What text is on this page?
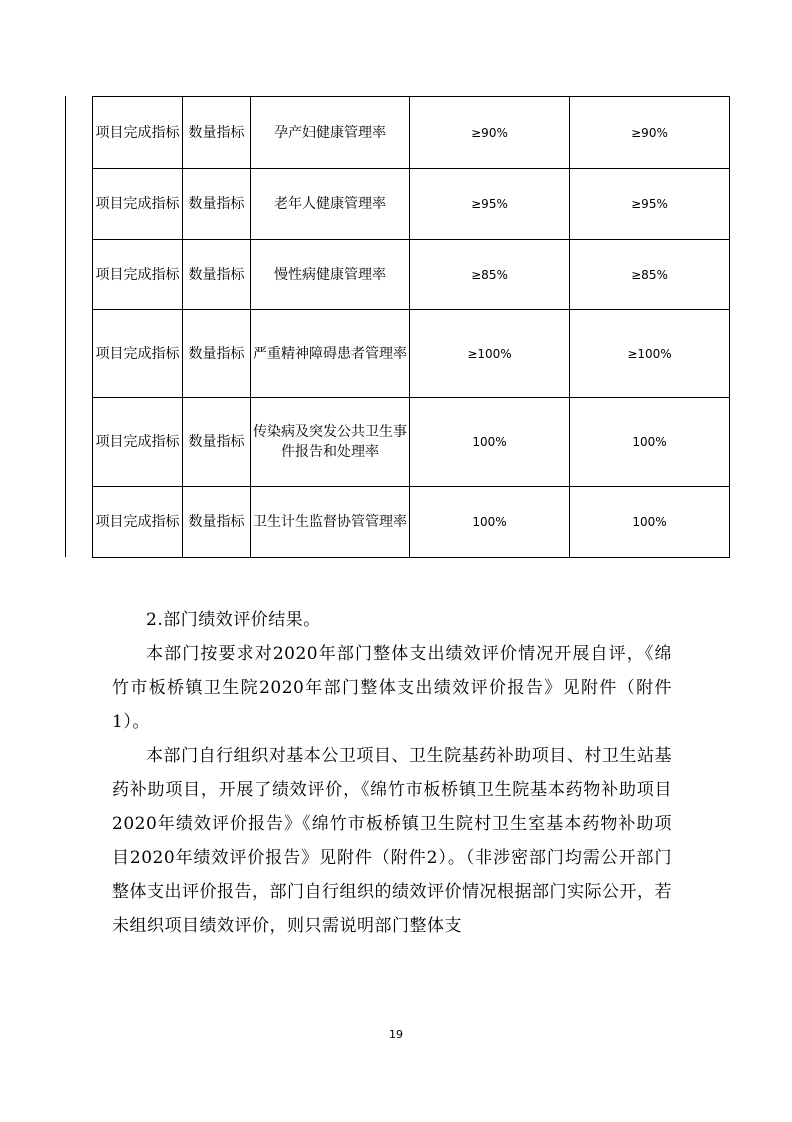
项目完成指标	数量指标	孕产妇健康管理率	≥90%	≥90%
项目完成指标	数量指标	老年人健康管理率	≥95%	≥95%
项目完成指标	数量指标	慢性病健康管理率	≥85%	≥85%
项目完成指标	数量指标	严重精神障碍患者管理率	≥100%	≥100%
项目完成指标	数量指标	传染病及突发公共卫生事件报告和处理率	100%	100%
项目完成指标	数量指标	卫生计生监督协管管理率	100%	100%

2.部门绩效评价结果。

本部门按要求对2020年部门整体支出绩效评价情况开展自评，《绵竹市板桥镇卫生院2020年部门整体支出绩效评价报告》见附件（附件1）。

本部门自行组织对基本公卫项目、卫生院基药补助项目、村卫生站基药补助项目，开展了绩效评价，《绵竹市板桥镇卫生院基本药物补助项目2020年绩效评价报告》《绵竹市板桥镇卫生院村卫生室基本药物补助项目2020年绩效评价报告》见附件（附件2）。（非涉密部门均需公开部门整体支出评价报告，部门自行组织的绩效评价情况根据部门实际公开，若未组织项目绩效评价，则只需说明部门整体支

19
